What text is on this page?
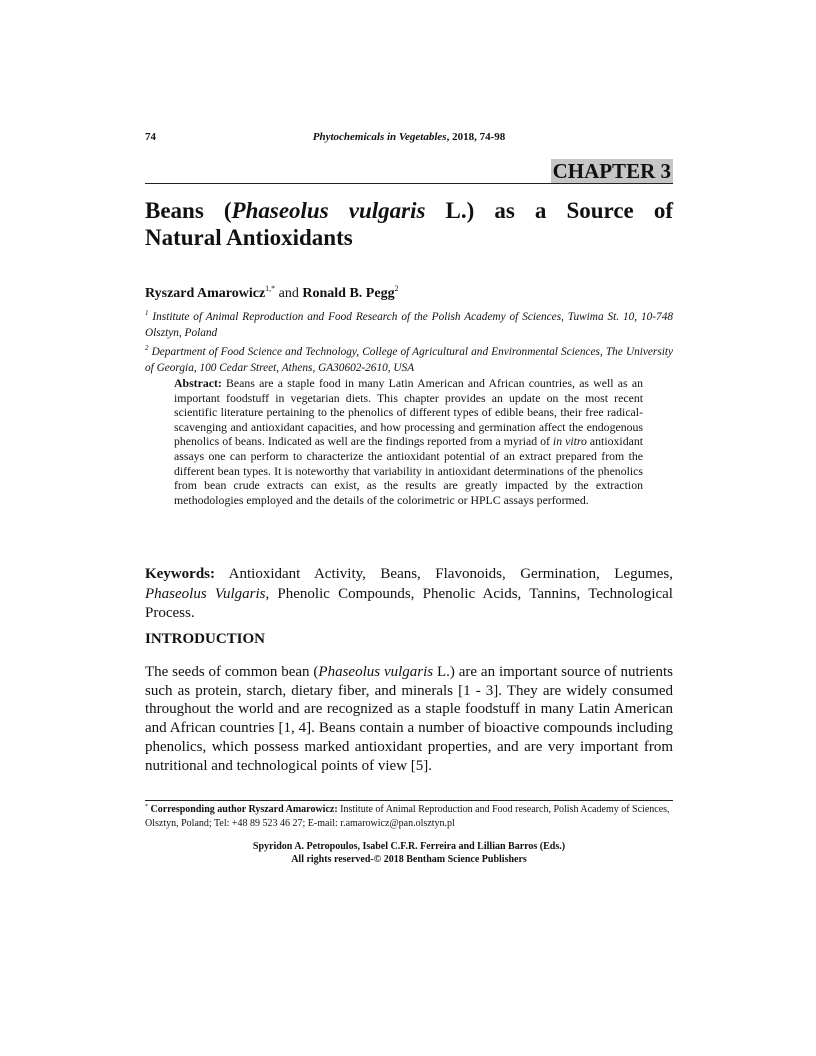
74	Phytochemicals in Vegetables, 2018, 74-98
CHAPTER 3
Beans (Phaseolus vulgaris L.) as a Source of
Natural Antioxidants
Ryszard Amarowicz$^{1,*}$ and Ronald B. Pegg$^2$
$^1$ Institute of Animal Reproduction and Food Research of the Polish Academy of Sciences, Tuwima St. 10, 10-748 Olsztyn, Poland
$^2$ Department of Food Science and Technology, College of Agricultural and Environmental Sciences, The University of Georgia, 100 Cedar Street, Athens, GA30602-2610, USA
Abstract: Beans are a staple food in many Latin American and African countries, as well as an important foodstuff in vegetarian diets. This chapter provides an update on the most recent scientific literature pertaining to the phenolics of different types of edible beans, their free radical-scavenging and antioxidant capacities, and how processing and germination affect the endogenous phenolics of beans. Indicated as well are the findings reported from a myriad of in vitro antioxidant assays one can perform to characterize the antioxidant potential of an extract prepared from the different bean types. It is noteworthy that variability in antioxidant determinations of the phenolics from bean crude extracts can exist, as the results are greatly impacted by the extraction methodologies employed and the details of the colorimetric or HPLC assays performed.
Keywords: Antioxidant Activity, Beans, Flavonoids, Germination, Legumes, Phaseolus Vulgaris, Phenolic Compounds, Phenolic Acids, Tannins, Technological Process.
INTRODUCTION
The seeds of common bean (Phaseolus vulgaris L.) are an important source of nutrients such as protein, starch, dietary fiber, and minerals [1 - 3]. They are widely consumed throughout the world and are recognized as a staple foodstuff in many Latin American and African countries [1, 4]. Beans contain a number of bioactive compounds including phenolics, which possess marked antioxidant properties, and are very important from nutritional and technological points of view [5].
* Corresponding author Ryszard Amarowicz: Institute of Animal Reproduction and Food research, Polish Academy of Sciences, Olsztyn, Poland; Tel: +48 89 523 46 27; E-mail: r.amarowicz@pan.olsztyn.pl
Spyridon A. Petropoulos, Isabel C.F.R. Ferreira and Lillian Barros (Eds.)
All rights reserved-© 2018 Bentham Science Publishers
